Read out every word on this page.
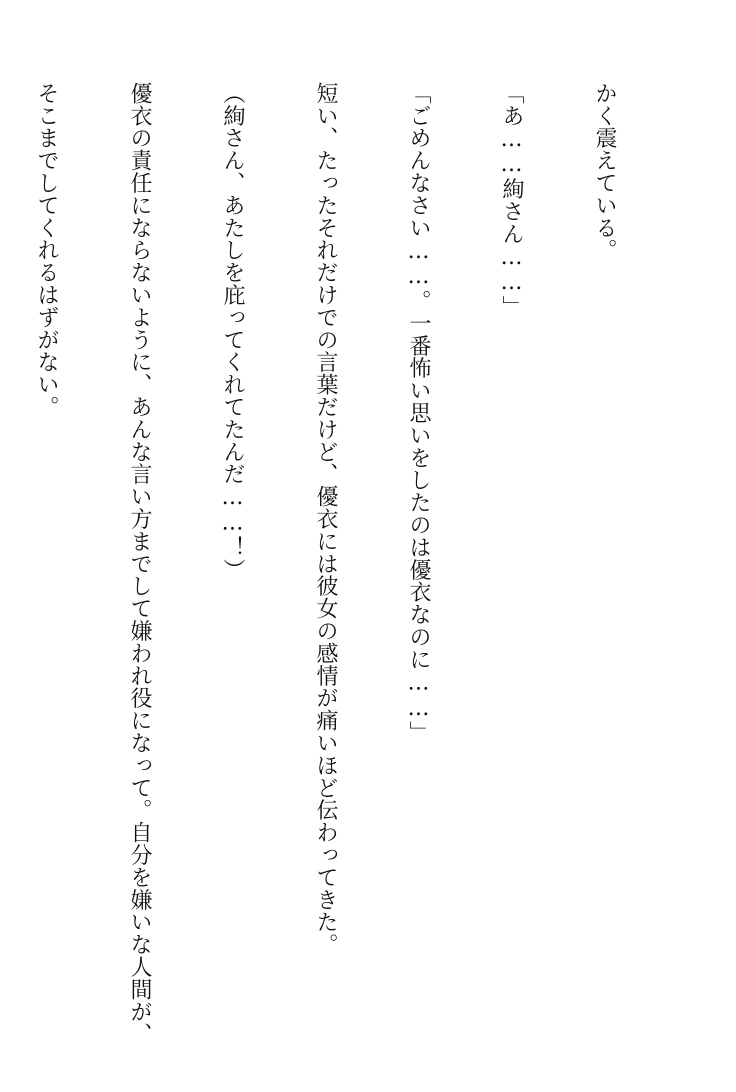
かく震えている。

「あ……絢さん……」

「ごめんなさい……。一番怖い思いをしたのは優衣なのに……」

短い、たったそれだけでの言葉だけど、優衣には彼女の感情が痛いほど伝わってきた。

（絢さん、あたしを庇ってくれてたんだ……！）

優衣の責任にならないように、あんな言い方までして嫌われ役になって。自分を嫌いな人間が、

そこまでしてくれるはずがない。
